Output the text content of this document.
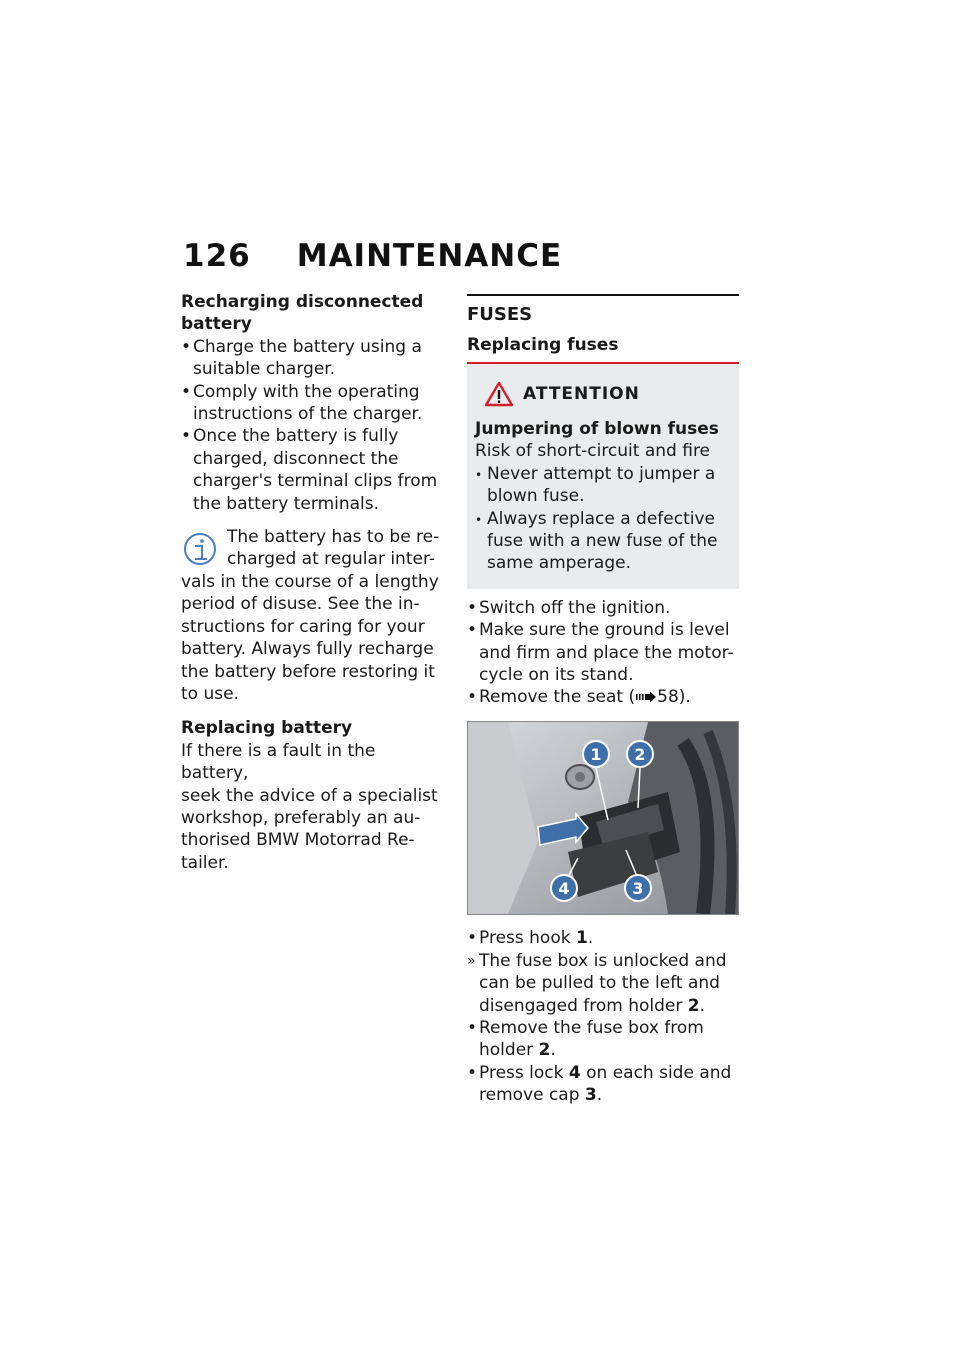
126 MAINTENANCE
Recharging disconnected
battery
• Charge the battery using a
suitable charger.
• Comply with the operating
instructions of the charger.
• Once the battery is fully
charged, disconnect the
charger's terminal clips from
the battery terminals.
The battery has to be re-
charged at regular inter-
vals in the course of a lengthy
period of disuse. See the in-
structions for caring for your
battery. Always fully recharge
the battery before restoring it
to use.
Replacing battery
If there is a fault in the battery,
seek the advice of a specialist
workshop, preferably an au-
thorised BMW Motorrad Re-
tailer.
FUSES
Replacing fuses
ATTENTION
Jumpering of blown fuses
Risk of short-circuit and fire
• Never attempt to jumper a
blown fuse.
• Always replace a defective
fuse with a new fuse of the
same amperage.
• Switch off the ignition.
• Make sure the ground is level
and firm and place the motor-
cycle on its stand.
• Remove the seat ( 58).
1 2
3
4
• Press hook 1.
» The fuse box is unlocked and
can be pulled to the left and
disengaged from holder 2.
• Remove the fuse box from
holder 2.
• Press lock 4 on each side and
remove cap 3.
